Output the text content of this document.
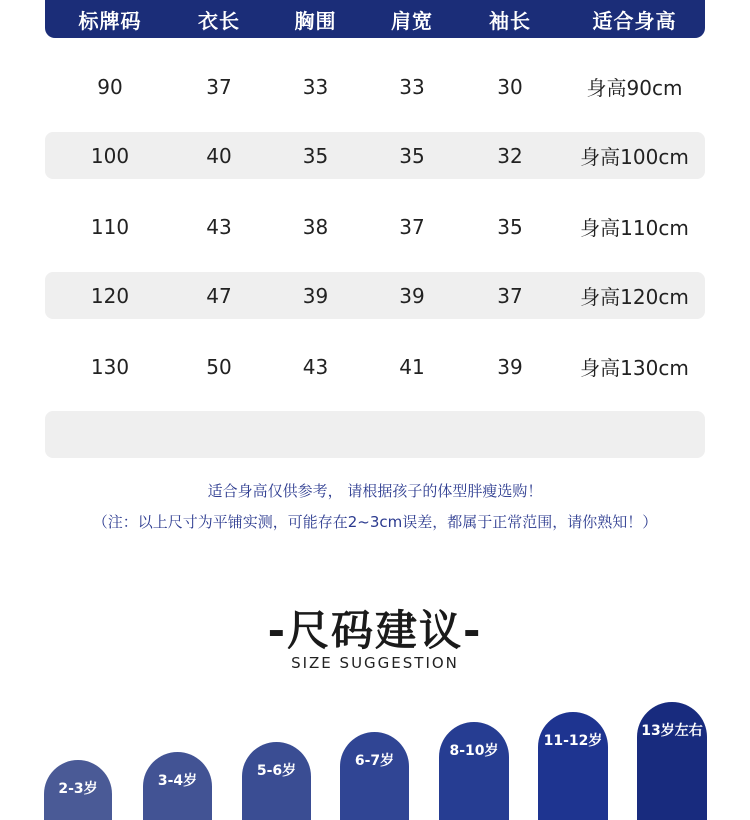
标牌码	衣长	胸围	肩宽	袖长	适合身高
90	37	33	33	30	身高90cm
100	40	35	35	32	身高100cm
110	43	38	37	35	身高110cm
120	47	39	39	37	身高120cm
130	50	43	41	39	身高130cm
适合身高仅供参考， 请根据孩子的体型胖瘦选购！
（注：以上尺寸为平铺实测，可能存在2~3cm误差，都属于正常范围，请你熟知！）
-尺码建议-
SIZE SUGGESTION
2-3岁	3-4岁
5-6岁
6-7岁
8-10岁
11-12岁
13岁左右
